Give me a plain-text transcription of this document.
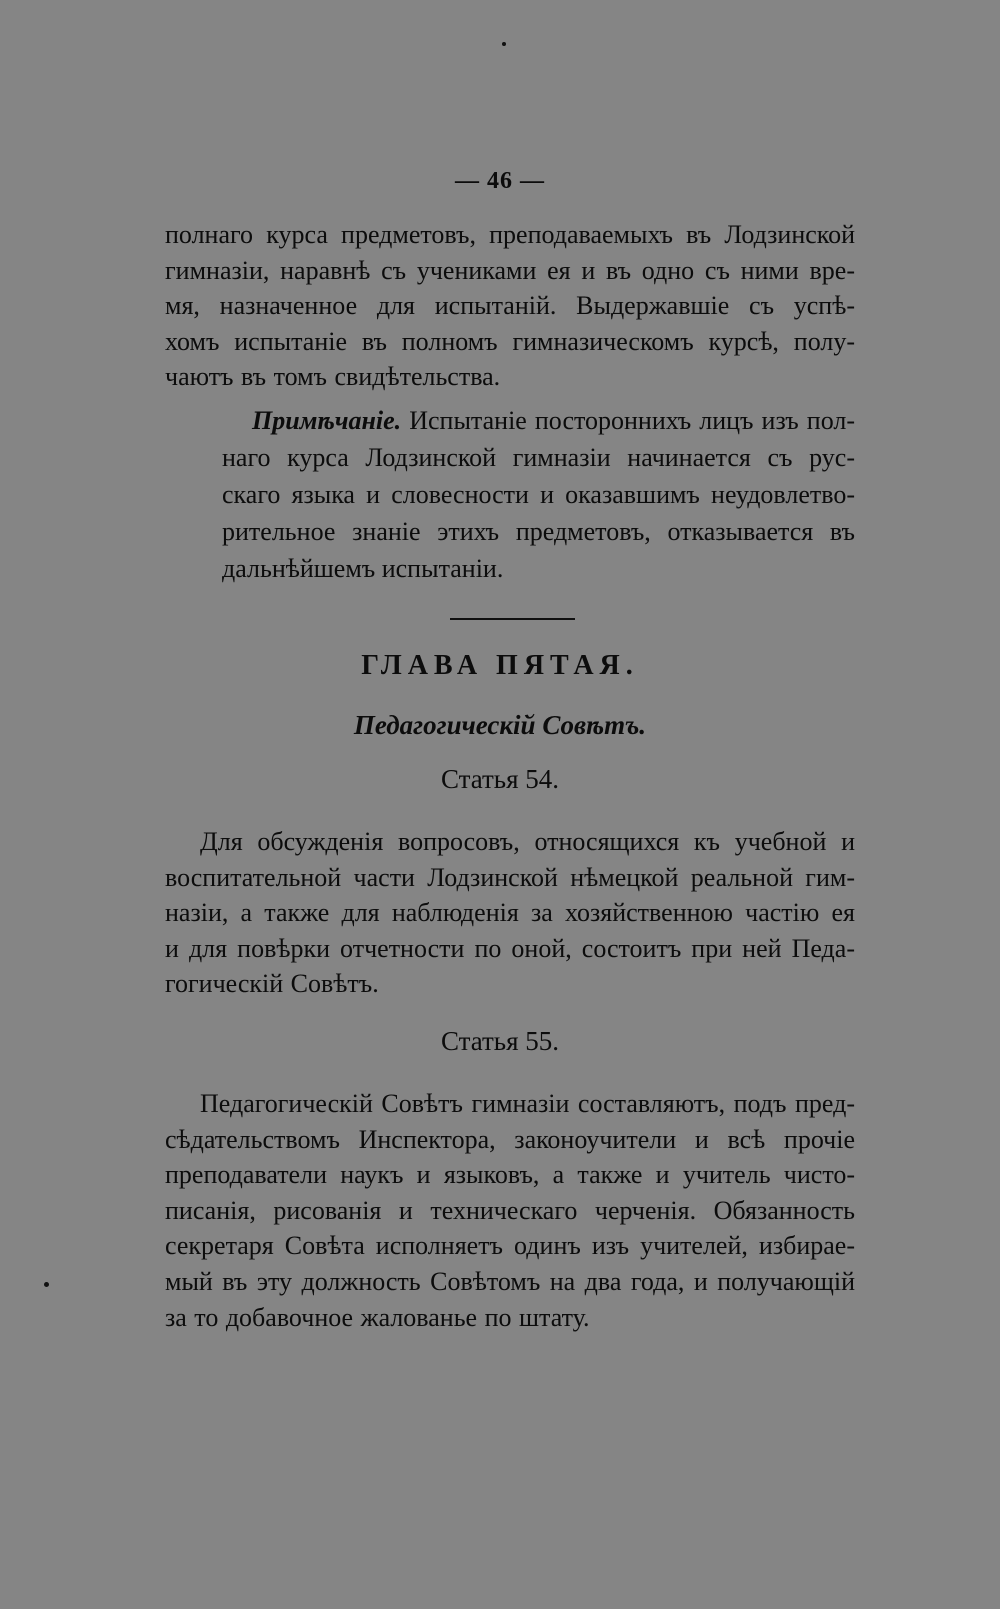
— 46 —
полнаго курса предметовъ, преподаваемыхъ въ Лодзинской
гимназіи, наравнѣ съ учениками ея и въ одно съ ними вре-
мя, назначенное для испытаній. Выдержавшіе съ успѣ-
хомъ испытаніе въ полномъ гимназическомъ курсѣ, полу-
чаютъ въ томъ свидѣтельства.
Примѣчаніе. Испытаніе постороннихъ лицъ изъ пол-
наго курса Лодзинской гимназіи начинается съ рус-
скаго языка и словесности и оказавшимъ неудовлетво-
рительное знаніе этихъ предметовъ, отказывается въ
дальнѣйшемъ испытаніи.
ГЛАВА ПЯТАЯ.
Педагогическій Совѣтъ.
Статья 54.
Для обсужденія вопросовъ, относящихся къ учебной и
воспитательной части Лодзинской нѣмецкой реальной гим-
назіи, а также для наблюденія за хозяйственною частію ея
и для повѣрки отчетности по оной, состоитъ при ней Педа-
гогическій Совѣтъ.
Статья 55.
Педагогическій Совѣтъ гимназіи составляютъ, подъ пред-
сѣдательствомъ Инспектора, законоучители и всѣ прочіе
преподаватели наукъ и языковъ, а также и учитель чисто-
писанія, рисованія и техническаго черченія. Обязанность
секретаря Совѣта исполняетъ одинъ изъ учителей, избирае-
мый въ эту должность Совѣтомъ на два года, и получающій
за то добавочное жалованье по штату.
